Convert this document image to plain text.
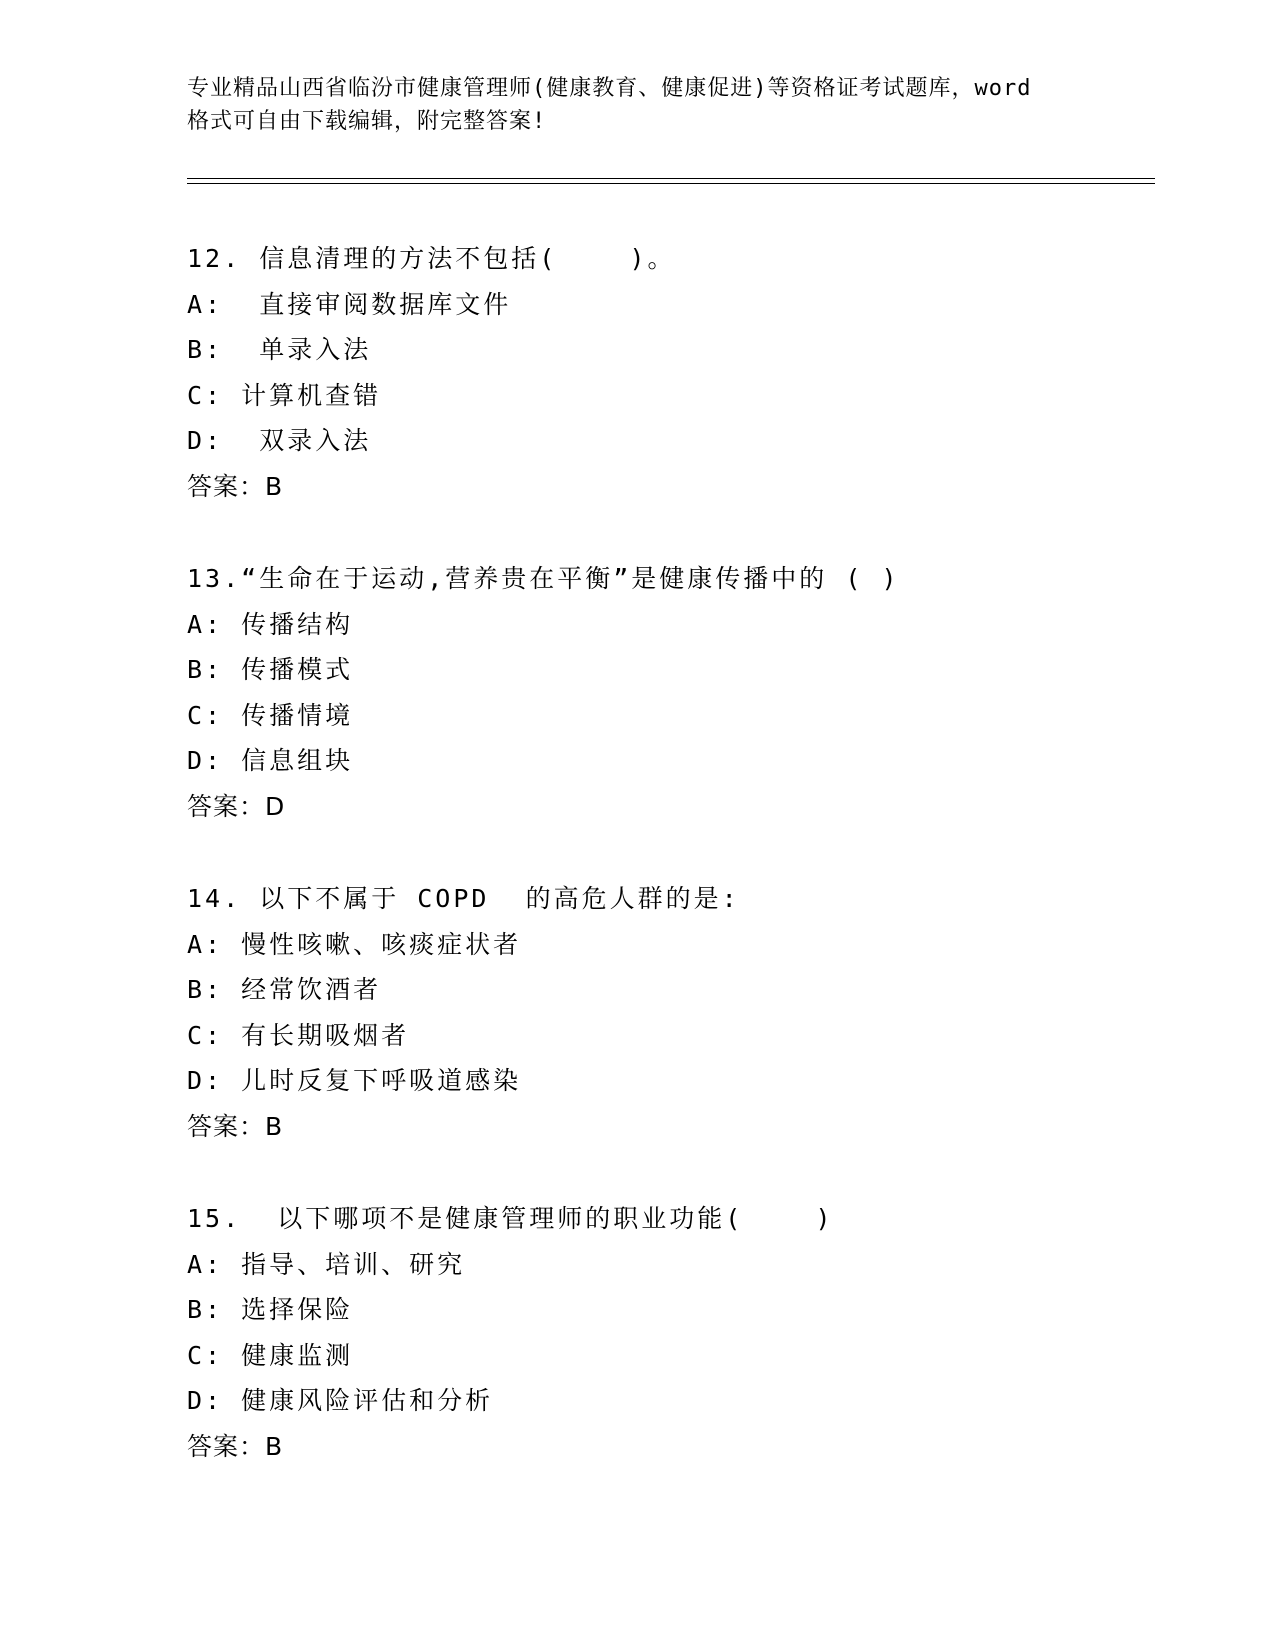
专业精品山西省临汾市健康管理师(健康教育、健康促进)等资格证考试题库，word
格式可自由下载编辑，附完整答案!
12. 信息清理的方法不包括(    )。
A:  直接审阅数据库文件
B:  单录入法
C: 计算机查错
D:  双录入法
答案：B
13.“生命在于运动,营养贵在平衡”是健康传播中的 ( )
A: 传播结构
B: 传播模式
C: 传播情境
D: 信息组块
答案：D
14. 以下不属于 COPD  的高危人群的是:
A: 慢性咳嗽、咳痰症状者
B: 经常饮酒者
C: 有长期吸烟者
D: 儿时反复下呼吸道感染
答案：B
15.  以下哪项不是健康管理师的职业功能(    )
A: 指导、培训、研究
B: 选择保险
C: 健康监测
D: 健康风险评估和分析
答案：B
